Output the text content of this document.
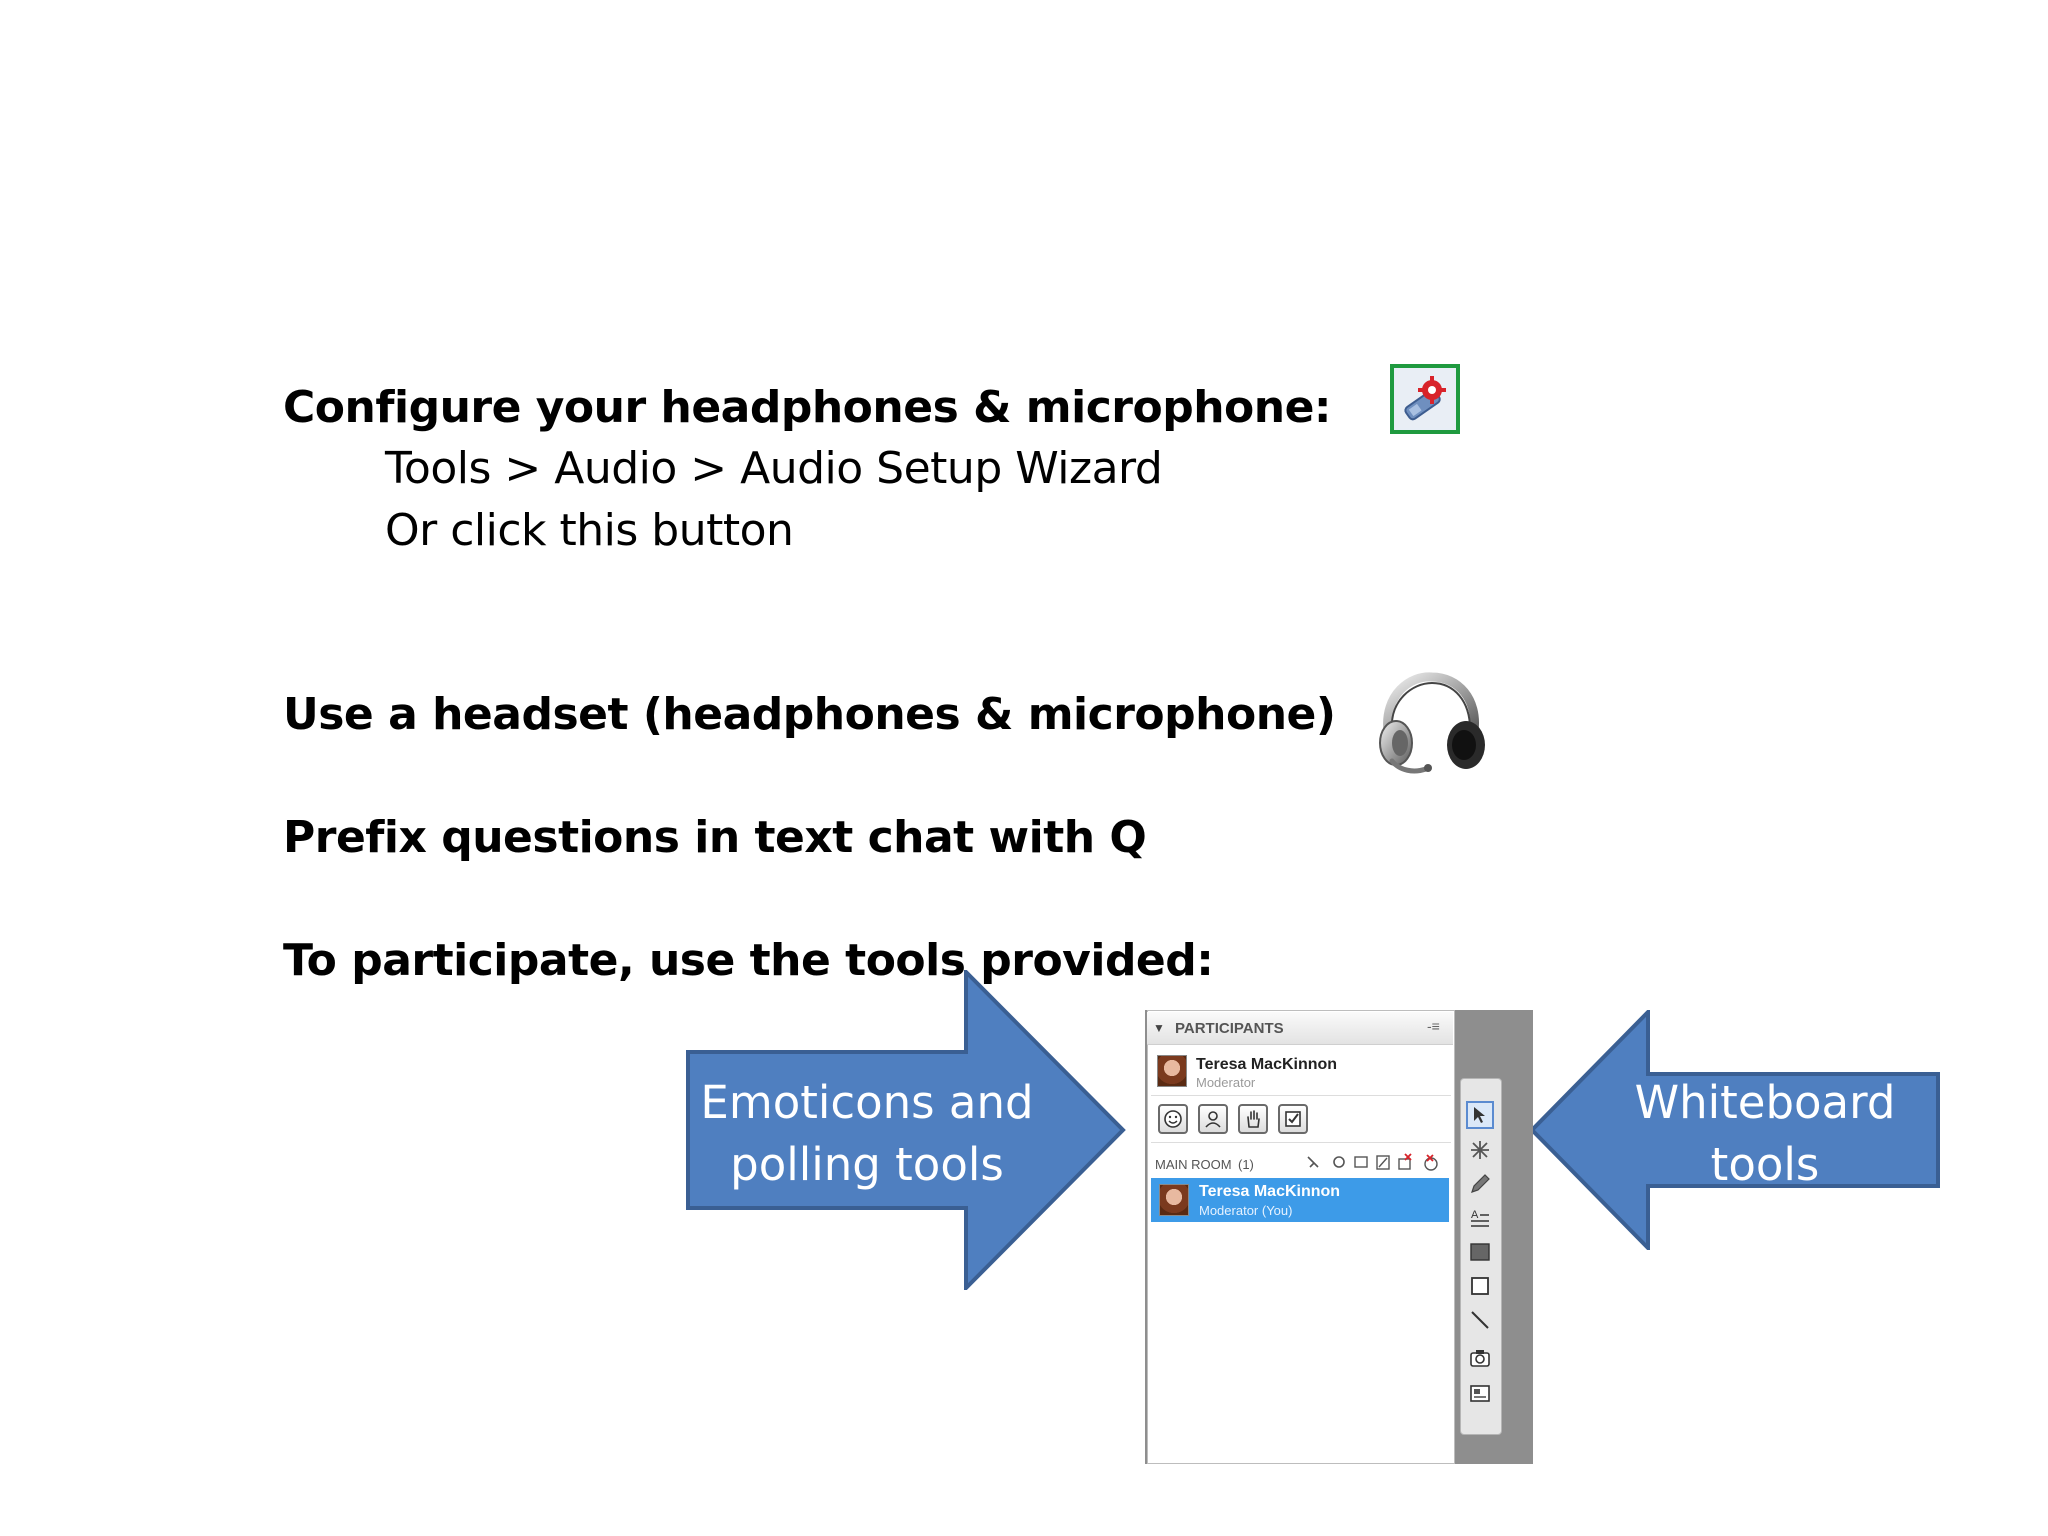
Configure your headphones & microphone:
Tools > Audio > Audio Setup Wizard
Or click this button
Use a headset (headphones & microphone)
Prefix questions in text chat with Q
To participate, use the tools provided:
Emoticons and
polling tools
Whiteboard
tools
▼ PARTICIPANTS	-≡
Teresa MacKinnon
Moderator
MAIN ROOM (1)
Teresa MacKinnon
Moderator (You)	A
